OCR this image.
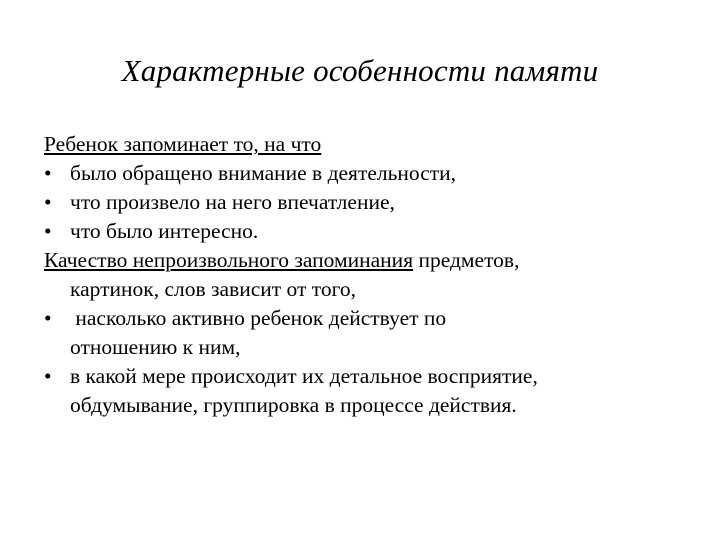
Характерные особенности памяти
Ребенок запоминает то, на что
• было обращено внимание в деятельности,
• что произвело на него впечатление,
• что было интересно.
Качество непроизвольного запоминания предметов,
картинок, слов зависит от того,
• насколько активно ребенок действует по
отношению к ним,
• в какой мере происходит их детальное восприятие,
обдумывание, группировка в процессе действия.
